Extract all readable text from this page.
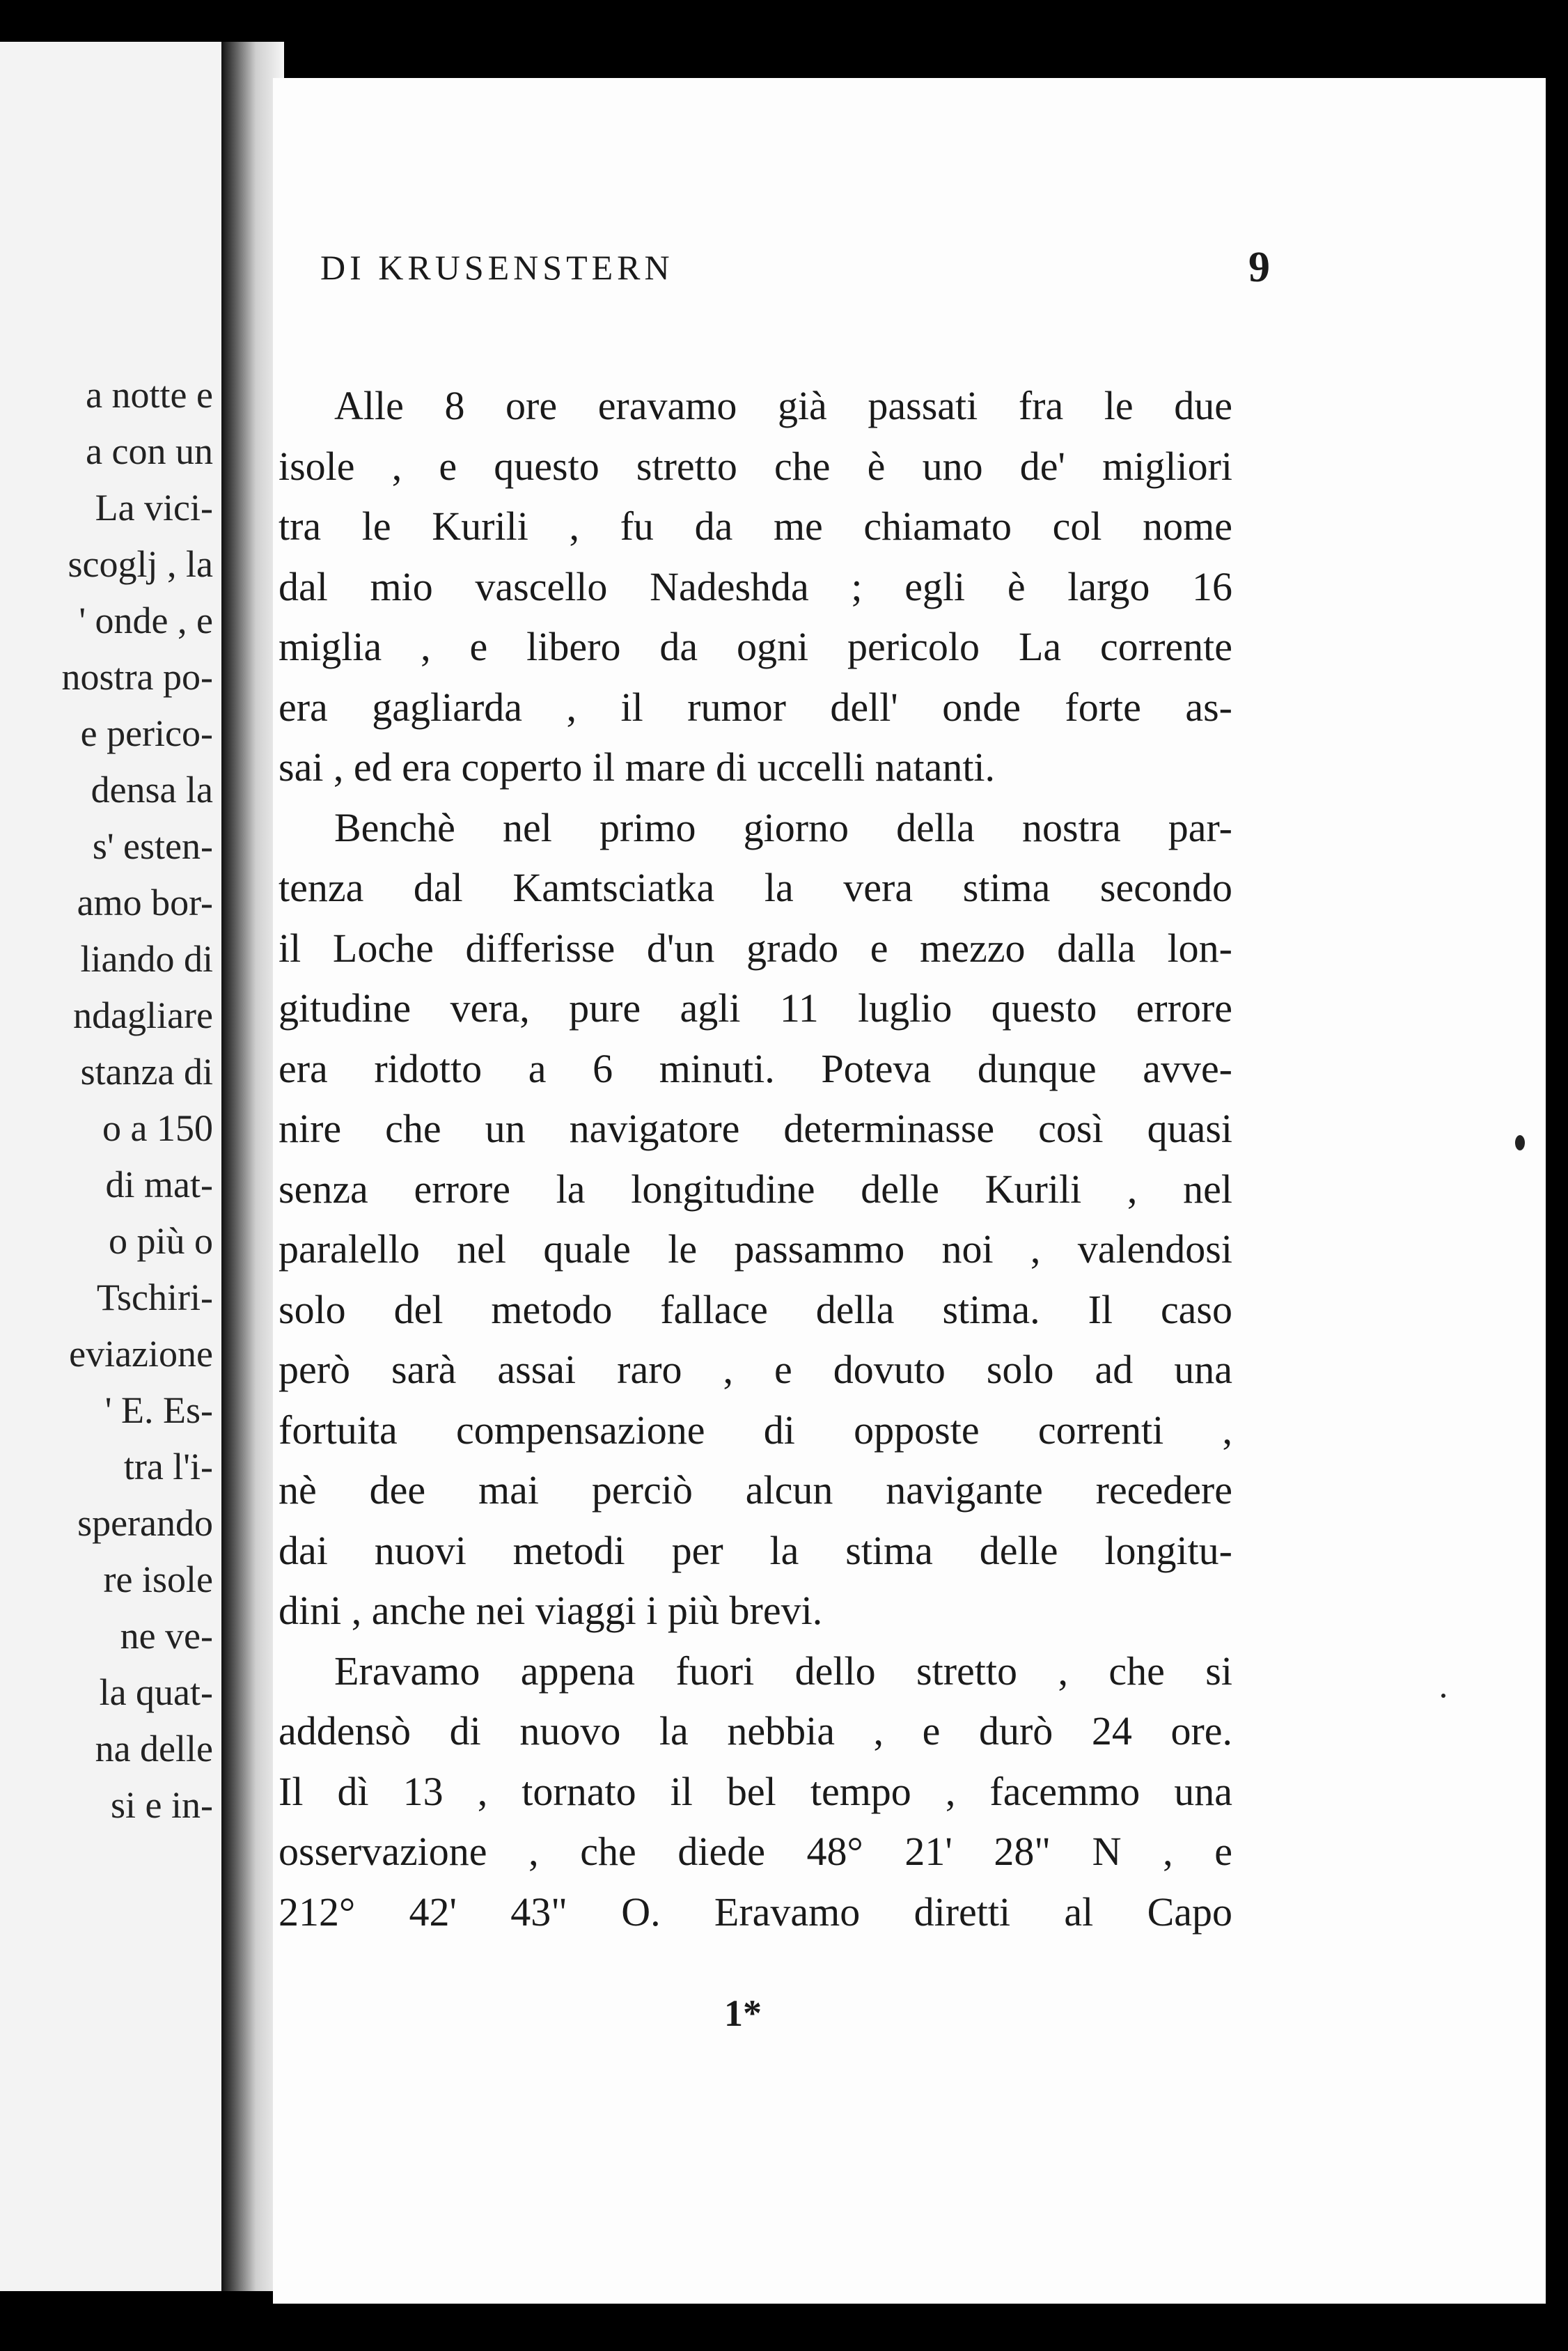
a notte e
a con un
La vici-
scoglj , la
' onde , e
nostra po-
e perico-
densa la
s' esten-
amo bor-
liando di
ndagliare
stanza di
o a 150
di mat-
o più o
Tschiri-
eviazione
' E. Es-
tra l'i-
sperando
re isole
ne ve-
la quat-
na delle
si e in-
DI KRUSENSTERN	9
Alle 8 ore eravamo già passati fra le due
isole , e questo stretto che è uno de' migliori
tra le Kurili , fu da me chiamato col nome
dal mio vascello Nadeshda ; egli è largo 16
miglia , e libero da ogni pericolo La corrente
era gagliarda , il rumor dell' onde forte as-
sai , ed era coperto il mare di uccelli natanti.
Benchè nel primo giorno della nostra par-
tenza dal Kamtsciatka la vera stima secondo
il Loche differisse d'un grado e mezzo dalla lon-
gitudine vera, pure agli 11 luglio questo errore
era ridotto a 6 minuti. Poteva dunque avve-
nire che un navigatore determinasse così quasi
senza errore la longitudine delle Kurili , nel
paralello nel quale le passammo noi , valendosi
solo del metodo fallace della stima. Il caso
però sarà assai raro , e dovuto solo ad una
fortuita compensazione di opposte correnti ,
nè dee mai perciò alcun navigante recedere
dai nuovi metodi per la stima delle longitu-
dini , anche nei viaggi i più brevi.
Eravamo appena fuori dello stretto , che si
addensò di nuovo la nebbia , e durò 24 ore.
Il dì 13 , tornato il bel tempo , facemmo una
osservazione , che diede 48° 21' 28" N , e
212° 42' 43" O. Eravamo diretti al Capo
1*
